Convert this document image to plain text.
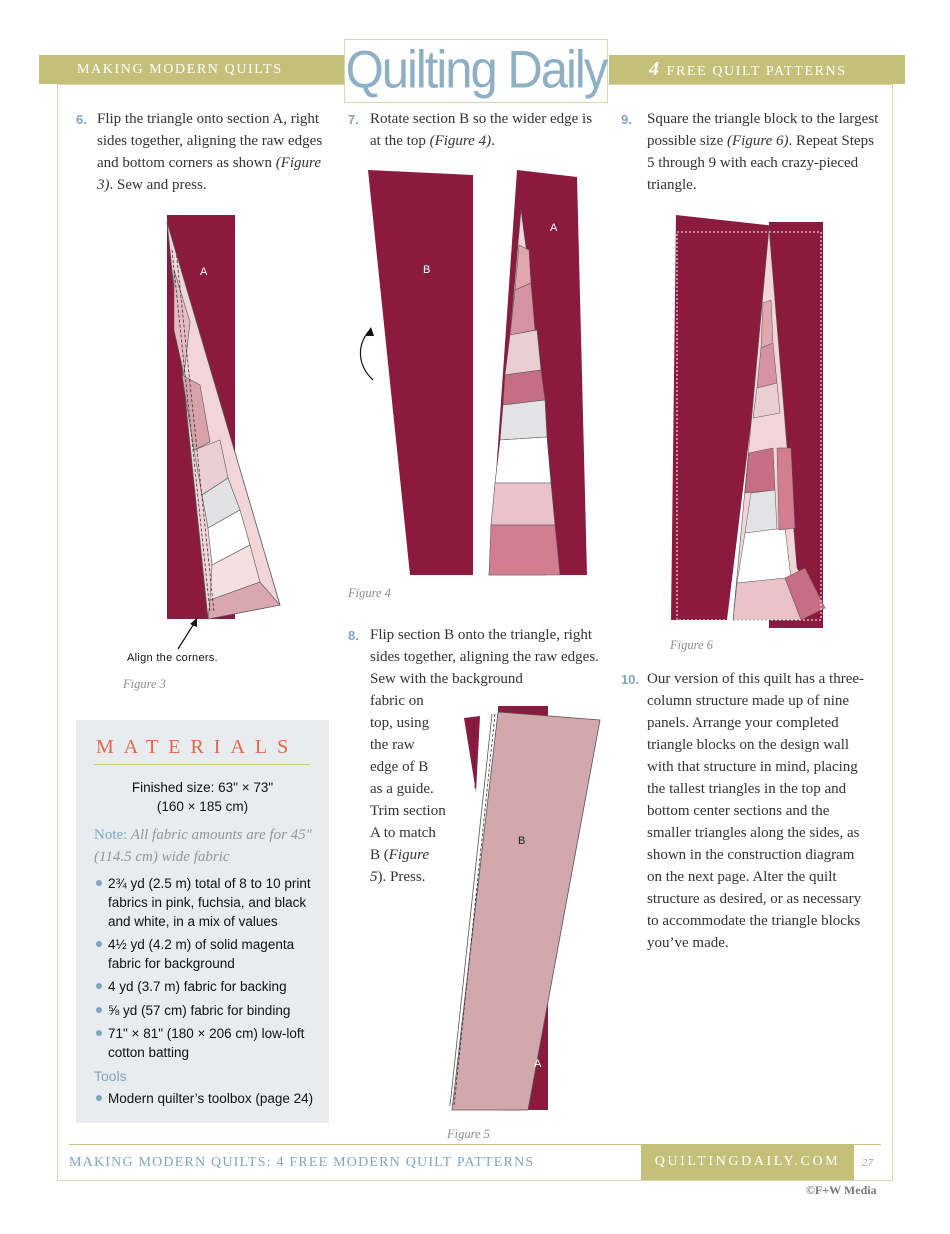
MAKING MODERN QUILTS	4 FREE QUILT PATTERNS
Quilting Daily
6. Flip the triangle onto section A, right sides together, aligning the raw edges and bottom corners as shown (Figure 3). Sew and press.
A
Align the corners.
Figure 3
MATERIALS
Finished size: 63" × 73"
(160 × 185 cm)
Note: All fabric amounts are for 45" (114.5 cm) wide fabric
2¾ yd (2.5 m) total of 8 to 10 print fabrics in pink, fuchsia, and black and white, in a mix of values
4½ yd (4.2 m) of solid magenta fabric for background
4 yd (3.7 m) fabric for backing
⅝ yd (57 cm) fabric for binding
71" × 81" (180 × 206 cm) low-loft cotton batting
Tools
Modern quilter’s toolbox (page 24)
7. Rotate section B so the wider edge is at the top (Figure 4).
B
A
Figure 4
8. Flip section B onto the triangle, right sides together, aligning the raw edges. Sew with the background
fabric on
top, using
the raw
edge of B
as a guide.
Trim section
A to match
B (Figure
5). Press.
B
A
Figure 5
9. Square the triangle block to the largest possible size (Figure 6). Repeat Steps 5 through 9 with each crazy-pieced triangle.
Figure 6
10. Our version of this quilt has a three-column structure made up of nine panels. Arrange your completed triangle blocks on the design wall with that structure in mind, placing the tallest triangles in the top and bottom center sections and the smaller triangles along the sides, as shown in the construction diagram on the next page. Alter the quilt structure as desired, or as necessary to accommodate the triangle blocks you’ve made.
MAKING MODERN QUILTS: 4 FREE MODERN QUILT PATTERNS	QUILTINGDAILY.COM	27
©F+W Media
